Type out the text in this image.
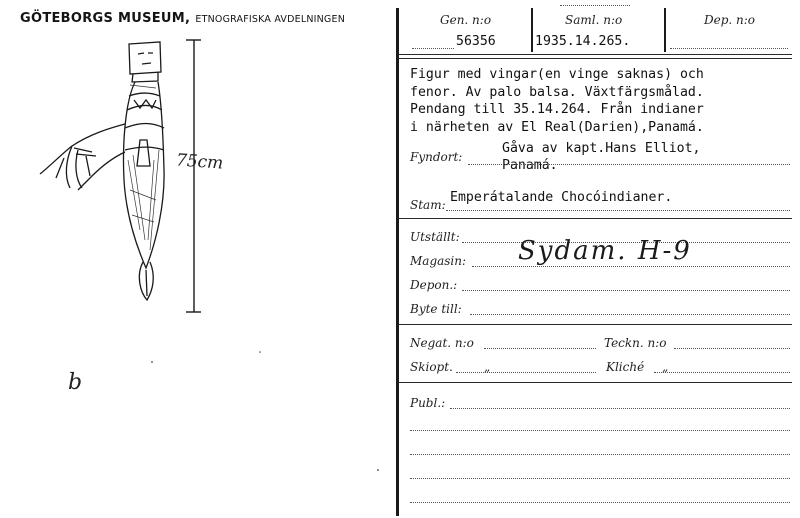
GÖTEBORGS MUSEUM, ETNOGRAFISKA AVDELNINGEN
75cm
b
Gen. n:o
56356
Saml. n:o
1935.14.265.
Dep. n:o
Figur med vingar(en vinge saknas) och
fenor. Av palo balsa. Växtfärgsmålad.
Pendang till 35.14.264. Från indianer
i närheten av El Real(Darien),Panamá.
Fyndort:
Gåva av kapt.Hans Elliot,
Panamá.
Stam: Emperátalande Chocóindianer.
Utställt:
Magasin: Sydam. H-9
Depon.:
Byte till:
Negat. n:o	Teckn. n:o
Skiopt.	„	Kliché „
Publ.:
